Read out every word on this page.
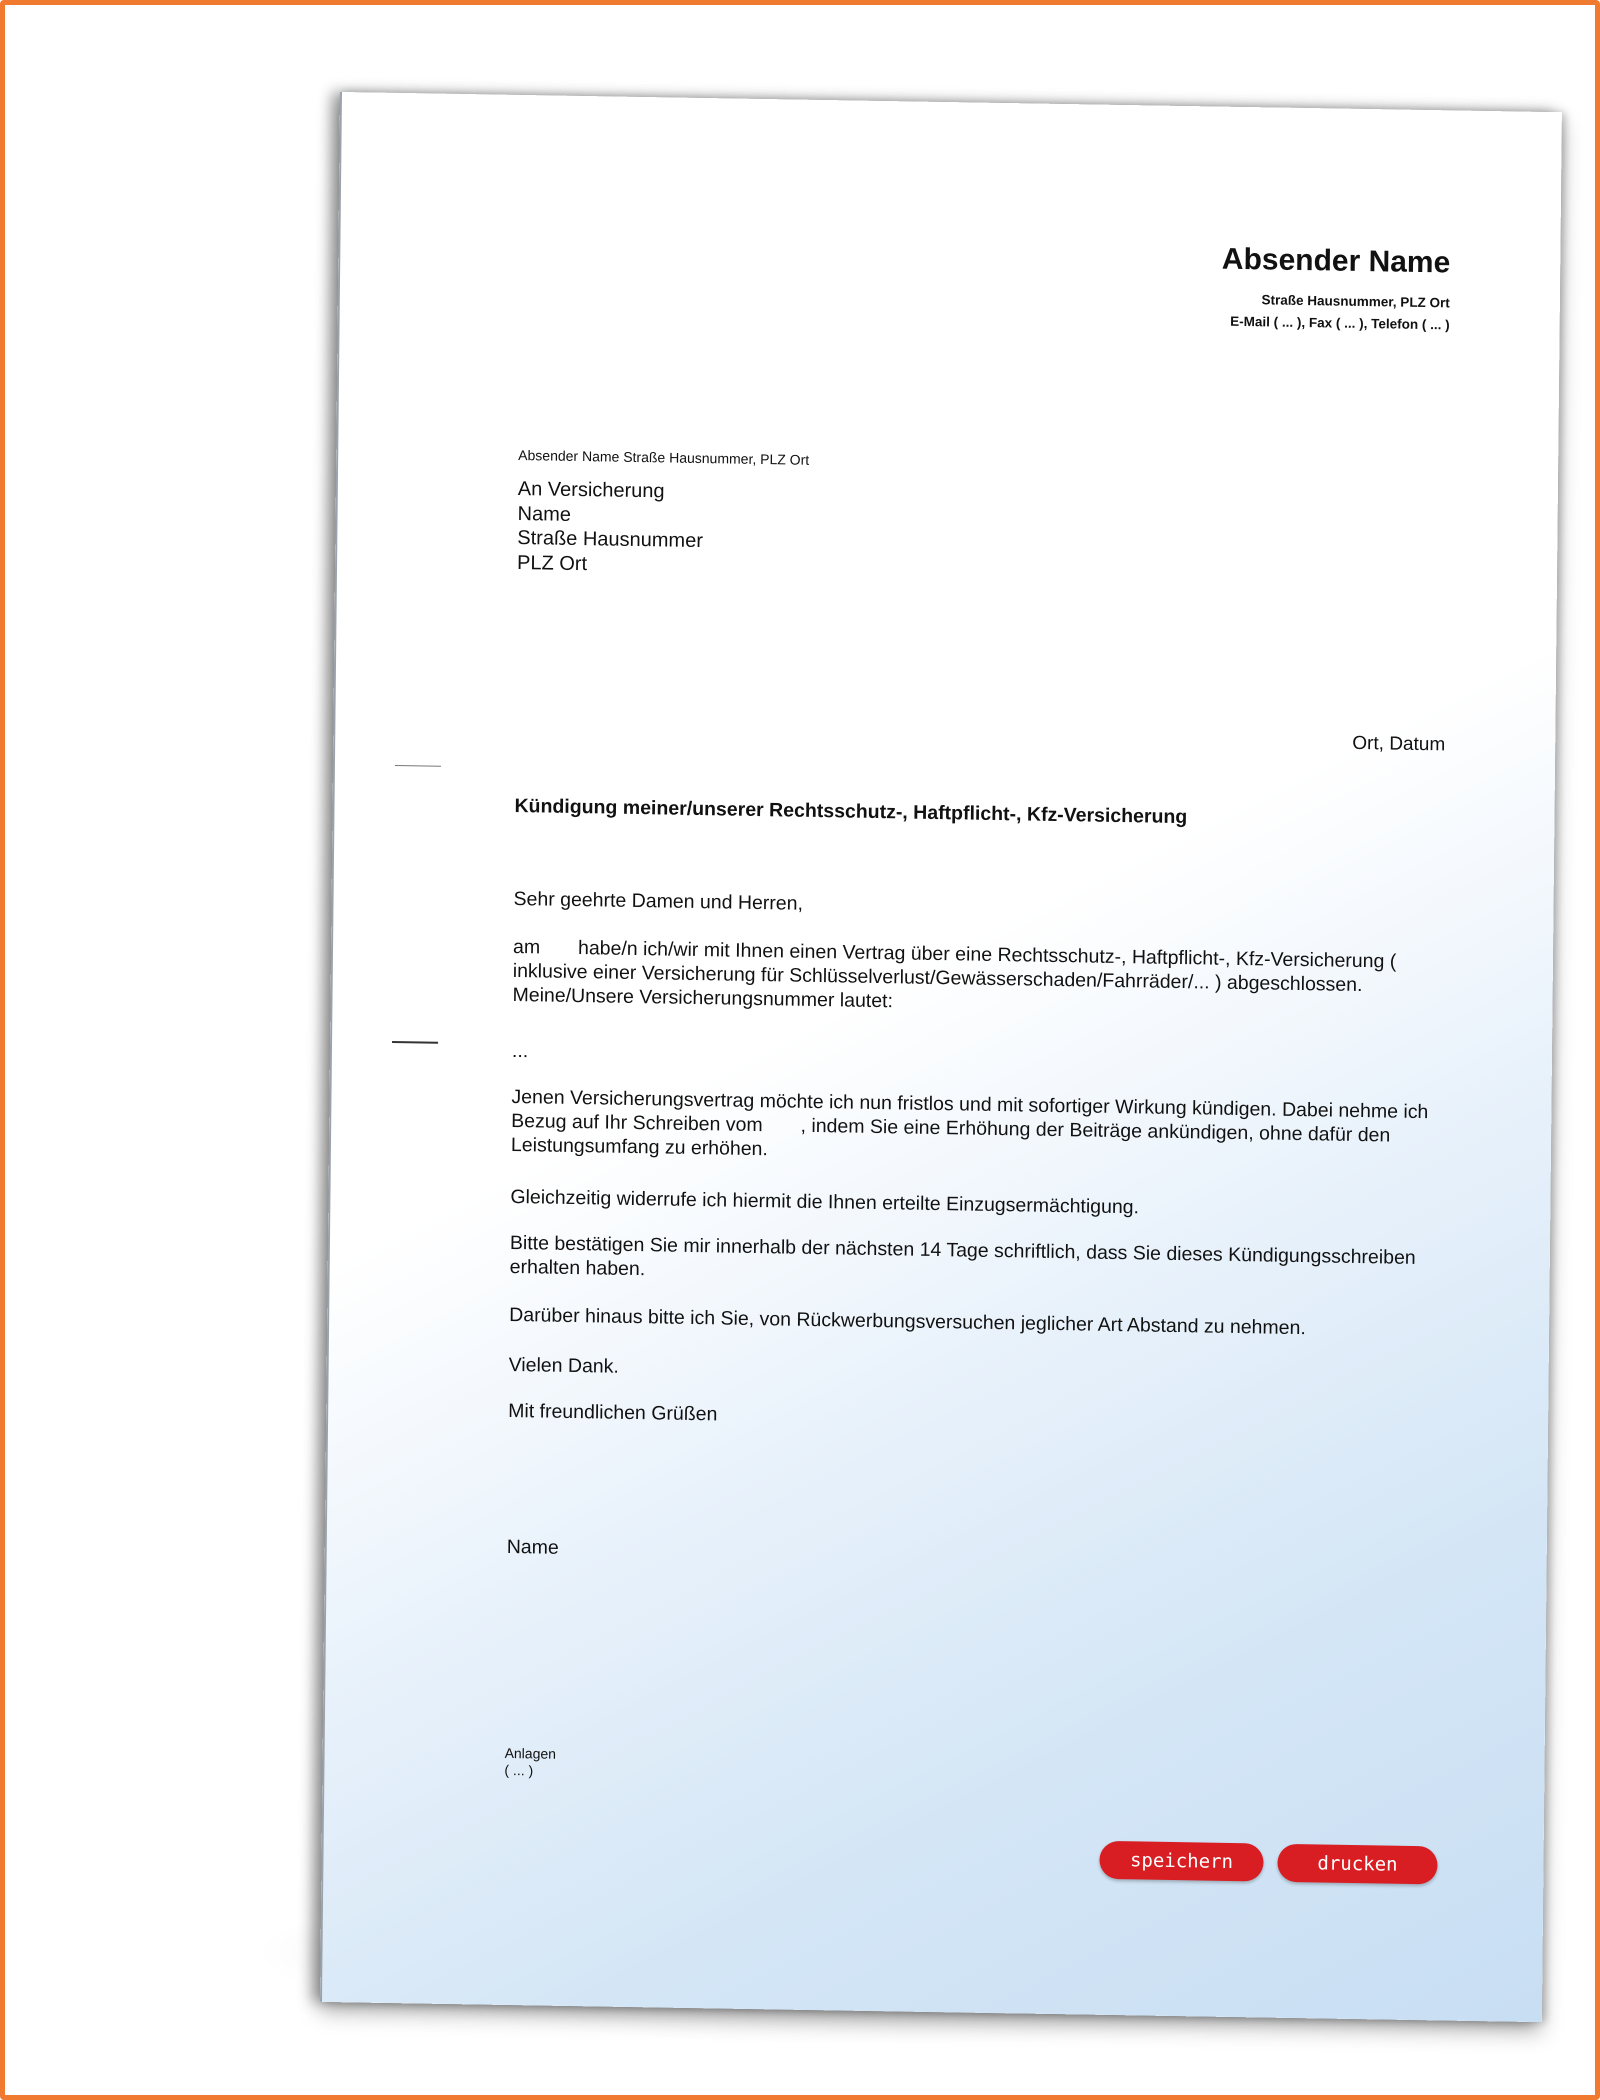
Absender Name
Straße Hausnummer, PLZ Ort
E-Mail ( ... ), Fax ( ... ), Telefon ( ... )
Absender Name Straße Hausnummer, PLZ Ort
An Versicherung
Name
Straße Hausnummer
PLZ Ort
Ort, Datum
Kündigung meiner/unserer Rechtsschutz-, Haftpflicht-, Kfz-Versicherung
Sehr geehrte Damen und Herren,
am       habe/n ich/wir mit Ihnen einen Vertrag über eine Rechtsschutz-, Haftpflicht-, Kfz-Versicherung ( inklusive einer Versicherung für Schlüsselverlust/Gewässerschaden/Fahrräder/... ) abgeschlossen. Meine/Unsere Versicherungsnummer lautet:
...
Jenen Versicherungsvertrag möchte ich nun fristlos und mit sofortiger Wirkung kündigen. Dabei nehme ich Bezug auf Ihr Schreiben vom       , indem Sie eine Erhöhung der Beiträge ankündigen, ohne dafür den Leistungsumfang zu erhöhen.
Gleichzeitig widerrufe ich hiermit die Ihnen erteilte Einzugsermächtigung.
Bitte bestätigen Sie mir innerhalb der nächsten 14 Tage schriftlich, dass Sie dieses Kündigungsschreiben erhalten haben.
Darüber hinaus bitte ich Sie, von Rückwerbungsversuchen jeglicher Art Abstand zu nehmen.
Vielen Dank.
Mit freundlichen Grüßen
Name
Anlagen
( ... )
speichern	drucken
